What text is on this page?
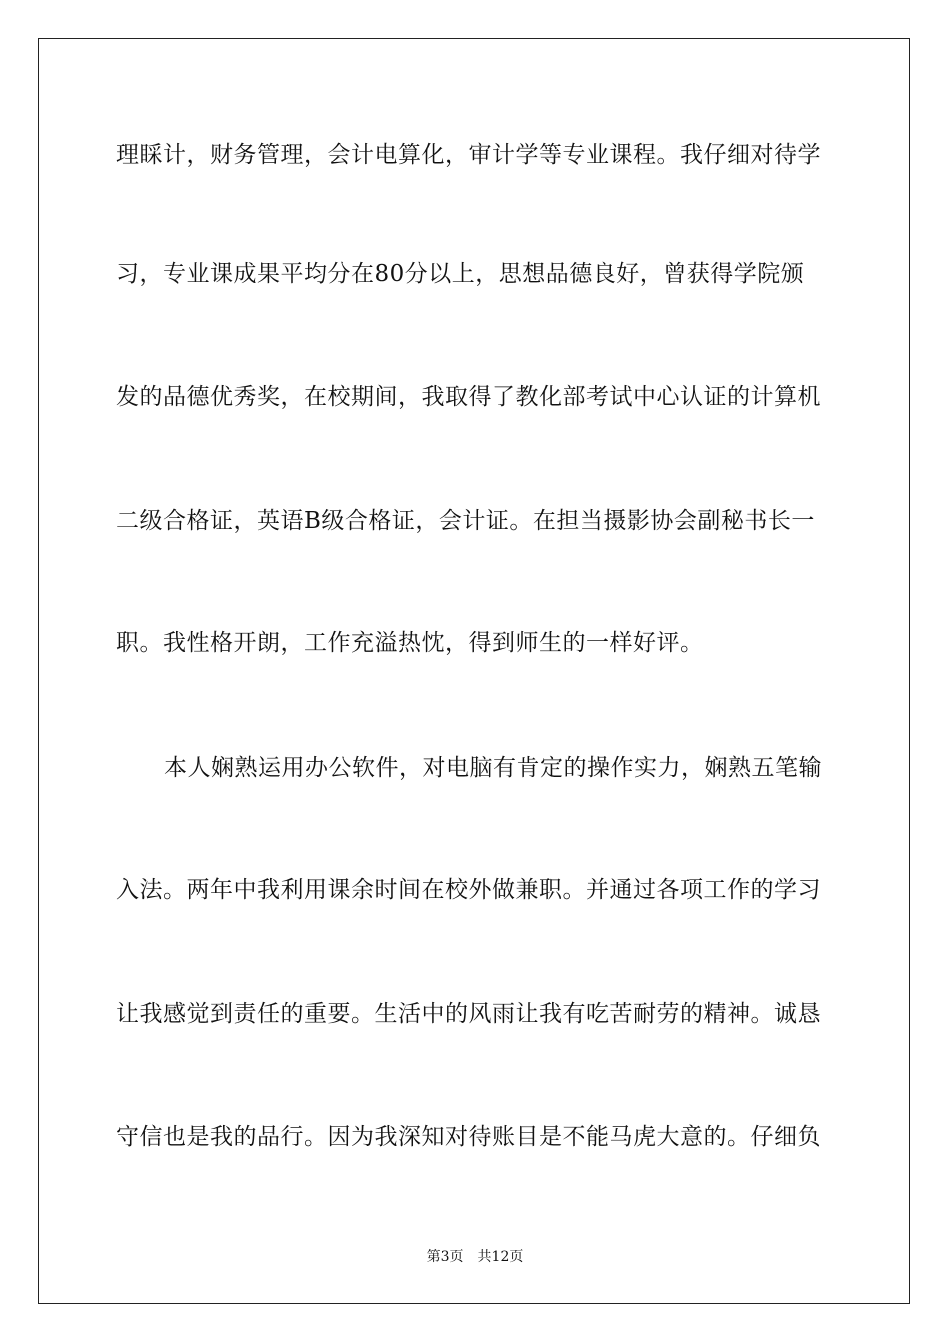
理睬计，财务管理，会计电算化，审计学等专业课程。我仔细对待学
习，专业课成果平均分在80分以上，思想品德良好，曾获得学院颁
发的品德优秀奖，在校期间，我取得了教化部考试中心认证的计算机
二级合格证，英语B级合格证，会计证。在担当摄影协会副秘书长一
职。我性格开朗，工作充溢热忱，得到师生的一样好评。
本人娴熟运用办公软件，对电脑有肯定的操作实力，娴熟五笔输
入法。两年中我利用课余时间在校外做兼职。并通过各项工作的学习
让我感觉到责任的重要。生活中的风雨让我有吃苦耐劳的精神。诚恳
守信也是我的品行。因为我深知对待账目是不能马虎大意的。仔细负
第3页 共12页
